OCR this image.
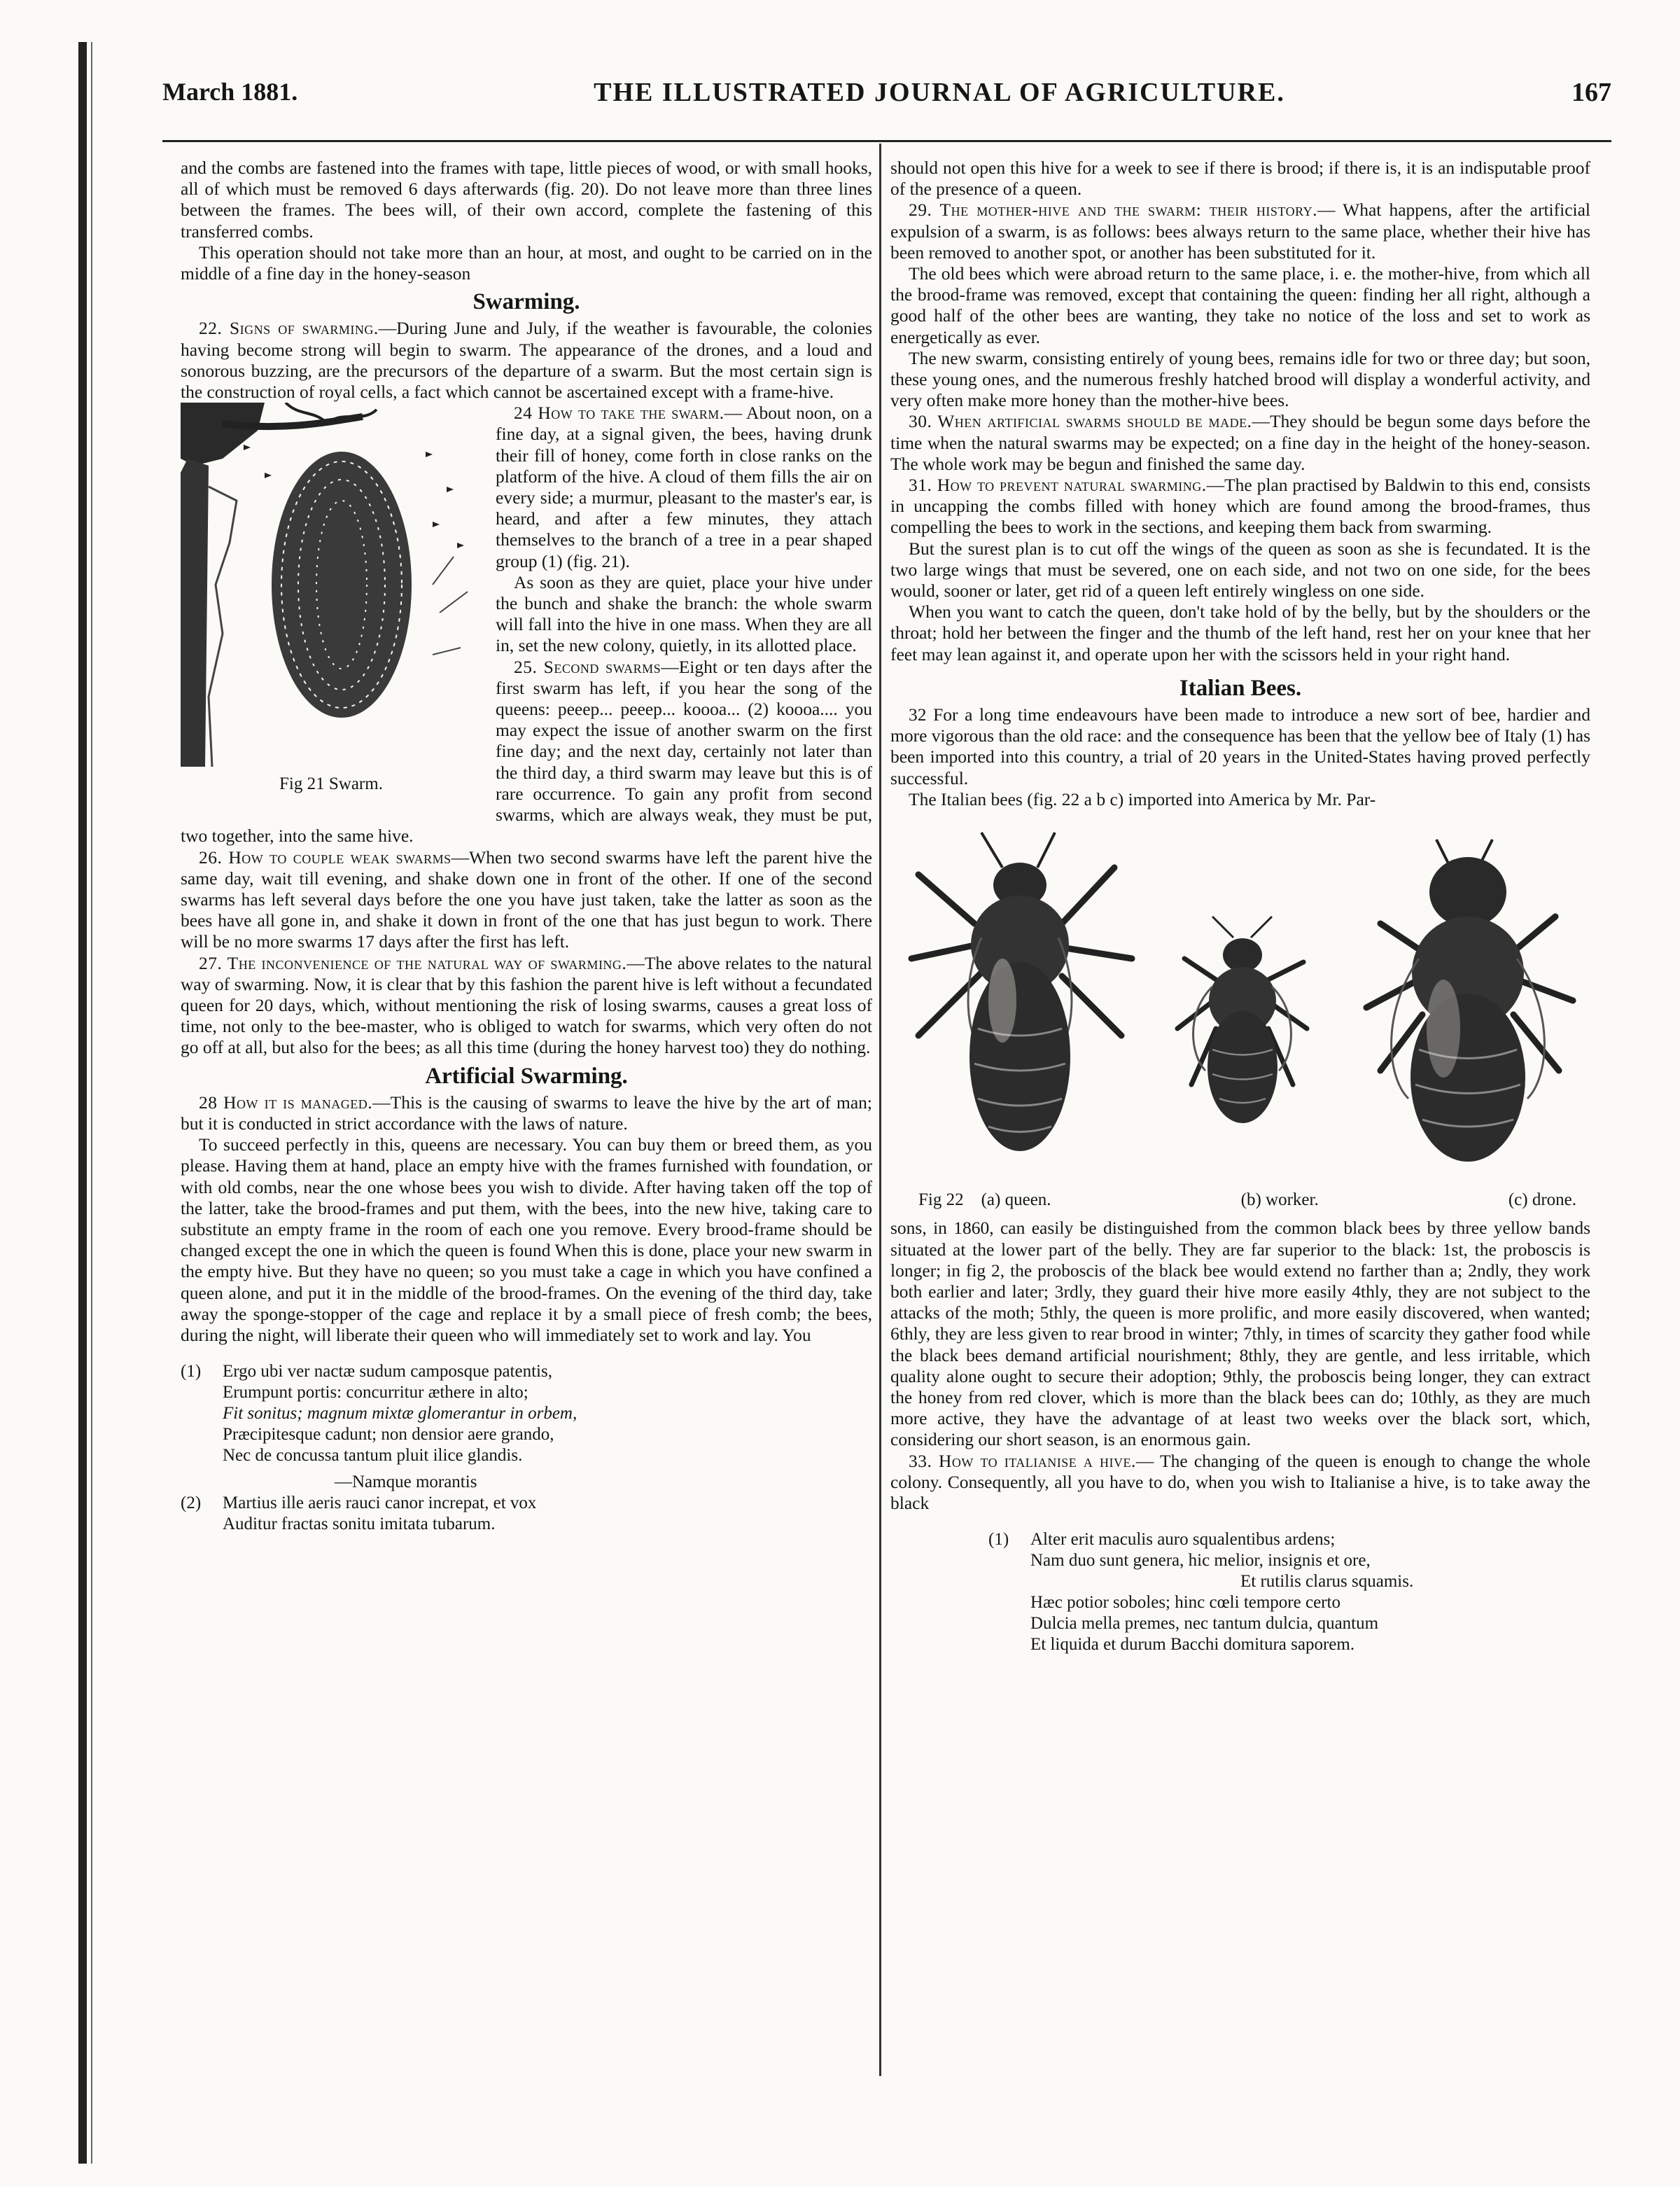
March 1881.	THE ILLUSTRATED JOURNAL OF AGRICULTURE.	167

and the combs are fastened into the frames with tape, little pieces of wood, or with small hooks, all of which must be removed 6 days afterwards (fig. 20). Do not leave more than three lines between the frames. The bees will, of their own accord, complete the fastening of this transferred combs.

This operation should not take more than an hour, at most, and ought to be carried on in the middle of a fine day in the honey-season

Swarming.

22. Signs of swarming.—During June and July, if the weather is favourable, the colonies having become strong will begin to swarm. The appearance of the drones, and a loud and sonorous buzzing, are the precursors of the departure of a swarm. But the most certain sign is the construction of royal cells, a fact which cannot be ascertained except with a frame-hive.

Fig 21 Swarm.

24 How to take the swarm.— About noon, on a fine day, at a signal given, the bees, having drunk their fill of honey, come forth in close ranks on the platform of the hive. A cloud of them fills the air on every side; a murmur, pleasant to the master's ear, is heard, and after a few minutes, they attach themselves to the branch of a tree in a pear shaped group (1) (fig. 21).

As soon as they are quiet, place your hive under the bunch and shake the branch: the whole swarm will fall into the hive in one mass. When they are all in, set the new colony, quietly, in its allotted place.

25. Second swarms—Eight or ten days after the first swarm has left, if you hear the song of the queens: peeep... peeep... kooоa... (2) kooоa.... you may expect the issue of another swarm on the first fine day; and the next day, certainly not later than the third day, a third swarm may leave but this is of rare occurrence. To gain any profit from second swarms, which are always weak, they must be put, two together, into the same hive.

26. How to couple weak swarms—When two second swarms have left the parent hive the same day, wait till evening, and shake down one in front of the other. If one of the second swarms has left several days before the one you have just taken, take the latter as soon as the bees have all gone in, and shake it down in front of the one that has just begun to work. There will be no more swarms 17 days after the first has left.

27. The inconvenience of the natural way of swarming.—The above relates to the natural way of swarming. Now, it is clear that by this fashion the parent hive is left without a fecundated queen for 20 days, which, without mentioning the risk of losing swarms, causes a great loss of time, not only to the bee-master, who is obliged to watch for swarms, which very often do not go off at all, but also for the bees; as all this time (during the honey harvest too) they do nothing.

Artificial Swarming.

28 How it is managed.—This is the causing of swarms to leave the hive by the art of man; but it is conducted in strict accordance with the laws of nature.

To succeed perfectly in this, queens are necessary. You can buy them or breed them, as you please. Having them at hand, place an empty hive with the frames furnished with foundation, or with old combs, near the one whose bees you wish to divide. After having taken off the top of the latter, take the brood-frames and put them, with the bees, into the new hive, taking care to substitute an empty frame in the room of each one you remove. Every brood-frame should be changed except the one in which the queen is found When this is done, place your new swarm in the empty hive. But they have no queen; so you must take a cage in which you have confined a queen alone, and put it in the middle of the brood-frames. On the evening of the third day, take away the sponge-stopper of the cage and replace it by a small piece of fresh comb; the bees, during the night, will liberate their queen who will immediately set to work and lay. You

(1)	Ergo ubi ver nactæ sudum camposque patentis,
Erumpunt portis: concurritur æthere in alto;
Fit sonitus; magnum mixtæ glomerantur in orbem,
Præcipitesque cadunt; non densior aere grando,
Nec de concussa tantum pluit ilice glandis.
(2)
—Namque morantis
Martius ille aeris rauci canor increpat, et vox
Auditur fractas sonitu imitata tubarum.

should not open this hive for a week to see if there is brood; if there is, it is an indisputable proof of the presence of a queen.

29. The mother-hive and the swarm: their history.— What happens, after the artificial expulsion of a swarm, is as follows: bees always return to the same place, whether their hive has been removed to another spot, or another has been substituted for it.

The old bees which were abroad return to the same place, i. e. the mother-hive, from which all the brood-frame was removed, except that containing the queen: finding her all right, although a good half of the other bees are wanting, they take no notice of the loss and set to work as energetically as ever.

The new swarm, consisting entirely of young bees, remains idle for two or three day; but soon, these young ones, and the numerous freshly hatched brood will display a wonderful activity, and very often make more honey than the mother-hive bees.

30. When artificial swarms should be made.—They should be begun some days before the time when the natural swarms may be expected; on a fine day in the height of the honey-season. The whole work may be begun and finished the same day.

31. How to prevent natural swarming.—The plan practised by Baldwin to this end, consists in uncapping the combs filled with honey which are found among the brood-frames, thus compelling the bees to work in the sections, and keeping them back from swarming.

But the surest plan is to cut off the wings of the queen as soon as she is fecundated. It is the two large wings that must be severed, one on each side, and not two on one side, for the bees would, sooner or later, get rid of a queen left entirely wingless on one side.

When you want to catch the queen, don't take hold of by the belly, but by the shoulders or the throat; hold her between the finger and the thumb of the left hand, rest her on your knee that her feet may lean against it, and operate upon her with the scissors held in your right hand.

Italian Bees.

32 For a long time endeavours have been made to introduce a new sort of bee, hardier and more vigorous than the old race: and the consequence has been that the yellow bee of Italy (1) has been imported into this country, a trial of 20 years in the United-States having proved perfectly successful.

The Italian bees (fig. 22 a b c) imported into America by Mr. Par-

Fig 22 (a) queen.	(b) worker.	(c) drone.

sons, in 1860, can easily be distinguished from the common black bees by three yellow bands situated at the lower part of the belly. They are far superior to the black: 1st, the proboscis is longer; in fig 2, the proboscis of the black bee would extend no farther than a; 2ndly, they work both earlier and later; 3rdly, they guard their hive more easily 4thly, they are not subject to the attacks of the moth; 5thly, the queen is more prolific, and more easily discovered, when wanted; 6thly, they are less given to rear brood in winter; 7thly, in times of scarcity they gather food while the black bees demand artificial nourishment; 8thly, they are gentle, and less irritable, which quality alone ought to secure their adoption; 9thly, the proboscis being longer, they can extract the honey from red clover, which is more than the black bees can do; 10thly, as they are much more active, they have the advantage of at least two weeks over the black sort, which, considering our short season, is an enormous gain.

33. How to italianise a hive.— The changing of the queen is enough to change the whole colony. Consequently, all you have to do, when you wish to Italianise a hive, is to take away the black

(1)	Alter erit maculis auro squalentibus ardens;
Nam duo sunt genera, hic melior, insignis et ore,
Et rutilis clarus squamis.
Hæc potior soboles; hinc cœli tempore certo
Dulcia mella premes, nec tantum dulcia, quantum
Et liquida et durum Bacchi domitura saporem.
